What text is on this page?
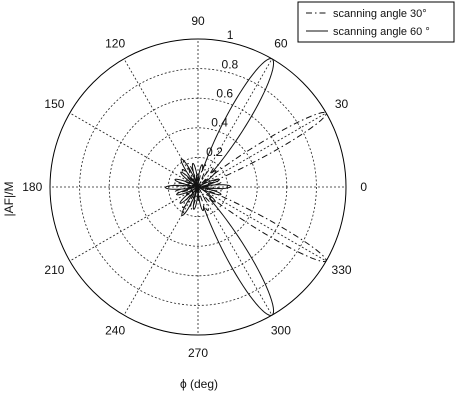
0.2
0.4
0.6
0.8
1
0
30
60
90
120
150
180
210
240
270
300
330
|AF|/M
ϕ (deg)
scanning angle 30°
scanning angle 60 °
